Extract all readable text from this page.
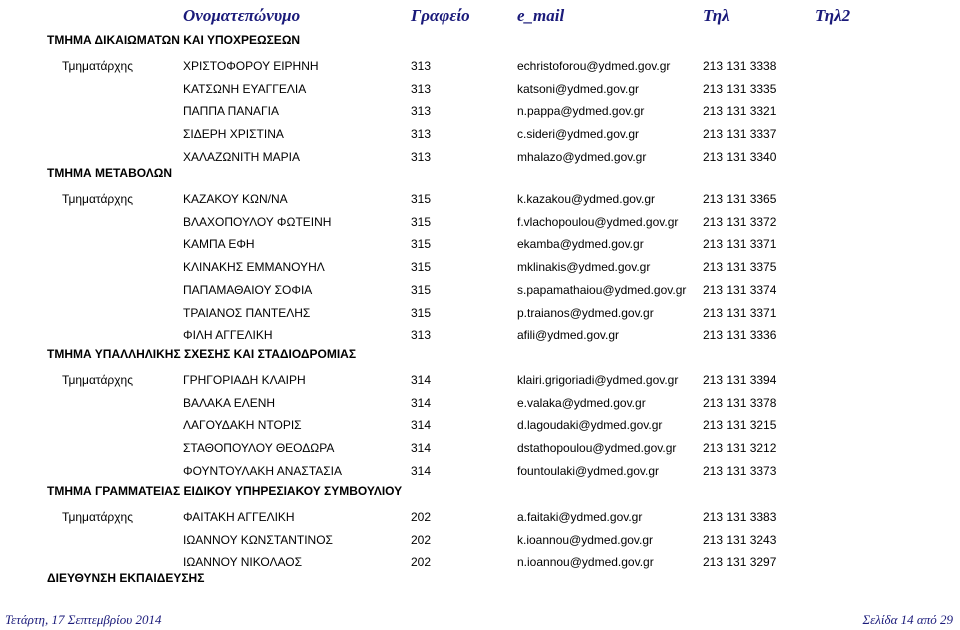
Ονοματεπώνυμο	Γραφείο	e_mail	Τηλ	Τηλ2
ΤΜΗΜΑ ΔΙΚΑΙΩΜΑΤΩΝ ΚΑΙ ΥΠΟΧΡΕΩΣΕΩΝ
Τμηματάρχης	ΧΡΙΣΤΟΦΟΡΟΥ ΕΙΡΗΝΗ	313	echristoforou@ydmed.gov.gr	213 131 3338
ΚΑΤΣΩΝΗ ΕΥΑΓΓΕΛΙΑ	313	katsoni@ydmed.gov.gr	213 131 3335
ΠΑΠΠΑ ΠΑΝΑΓΙΑ	313	n.pappa@ydmed.gov.gr	213 131 3321
ΣΙΔΕΡΗ ΧΡΙΣΤΙΝΑ	313	c.sideri@ydmed.gov.gr	213 131 3337
ΧΑΛΑΖΩΝΙΤΗ ΜΑΡΙΑ	313	mhalazo@ydmed.gov.gr	213 131 3340
ΤΜΗΜΑ ΜΕΤΑΒΟΛΩΝ
Τμηματάρχης	ΚΑΖΑΚΟΥ ΚΩΝ/ΝΑ	315	k.kazakou@ydmed.gov.gr	213 131 3365
ΒΛΑΧΟΠΟΥΛΟΥ ΦΩΤΕΙΝΗ	315	f.vlachopoulou@ydmed.gov.gr 213 131 3372
ΚΑΜΠΑ ΕΦΗ	315	ekamba@ydmed.gov.gr	213 131 3371
ΚΛΙΝΑΚΗΣ ΕΜΜΑΝΟΥΗΛ	315	mklinakis@ydmed.gov.gr	213 131 3375
ΠΑΠΑΜΑΘΑΙΟΥ ΣΟΦΙΑ	315	s.papamathaiou@ydmed.gov.gr 213 131 3374
ΤΡΑΙΑΝΟΣ ΠΑΝΤΕΛΗΣ	315	p.traianos@ydmed.gov.gr	213 131 3371
ΦΙΛΗ ΑΓΓΕΛΙΚΗ	313	afili@ydmed.gov.gr	213 131 3336
ΤΜΗΜΑ ΥΠΑΛΛΗΛΙΚΗΣ ΣΧΕΣΗΣ ΚΑΙ ΣΤΑΔΙΟΔΡΟΜΙΑΣ
Τμηματάρχης	ΓΡΗΓΟΡΙΑΔΗ ΚΛΑΙΡΗ	314	klairi.grigoriadi@ydmed.gov.gr 213 131 3394
ΒΑΛΑΚΑ ΕΛΕΝΗ	314	e.valaka@ydmed.gov.gr	213 131 3378
ΛΑΓΟΥΔΑΚΗ ΝΤΟΡΙΣ	314	d.lagoudaki@ydmed.gov.gr	213 131 3215
ΣΤΑΘΟΠΟΥΛΟΥ ΘΕΟΔΩΡΑ	314	dstathopoulou@ydmed.gov.gr 213 131 3212
ΦΟΥΝΤΟΥΛΑΚΗ ΑΝΑΣΤΑΣΙΑ	314	fountoulaki@ydmed.gov.gr	213 131 3373
ΤΜΗΜΑ ΓΡΑΜΜΑΤΕΙΑΣ ΕΙΔΙΚΟΥ ΥΠΗΡΕΣΙΑΚΟΥ ΣΥΜΒΟΥΛΙΟΥ
Τμηματάρχης	ΦΑΙΤΑΚΗ ΑΓΓΕΛΙΚΗ	202	a.faitaki@ydmed.gov.gr	213 131 3383
ΙΩΑΝΝΟΥ ΚΩΝΣΤΑΝΤΙΝΟΣ	202	k.ioannou@ydmed.gov.gr	213 131 3243
ΙΩΑΝΝΟΥ ΝΙΚΟΛΑΟΣ	202	n.ioannou@ydmed.gov.gr	213 131 3297
ΔΙΕΥΘΥΝΣΗ ΕΚΠΑΙΔΕΥΣΗΣ
Τετάρτη, 17 Σεπτεμβρίου 2014	Σελίδα 14 από 29
